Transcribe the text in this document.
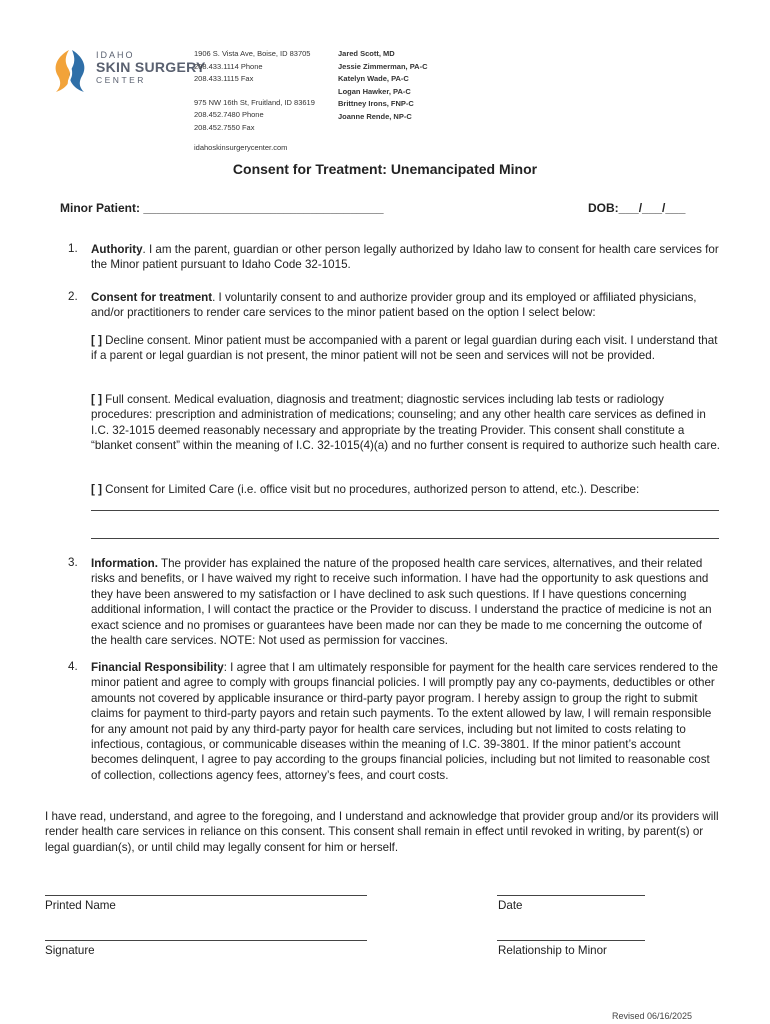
IDAHO
SKIN SURGERY
CENTER
1906 S. Vista Ave, Boise, ID 83705
208.433.1114 Phone
208.433.1115 Fax
975 NW 16th St, Fruitland, ID 83619
208.452.7480 Phone
208.452.7550 Fax
idahoskinsurgerycenter.com
Jared Scott, MD
Jessie Zimmerman, PA-C
Katelyn Wade, PA-C
Logan Hawker, PA-C
Brittney Irons, FNP-C
Joanne Rende, NP-C
Consent for Treatment: Unemancipated Minor
Minor Patient: ____________________________________	DOB:___/___/___
1. Authority. I am the parent, guardian or other person legally authorized by Idaho law to consent for health care services for the Minor patient pursuant to Idaho Code 32-1015.
2. Consent for treatment. I voluntarily consent to and authorize provider group and its employed or affiliated physicians, and/or practitioners to render care services to the minor patient based on the option I select below:
[ ] Decline consent. Minor patient must be accompanied with a parent or legal guardian during each visit. I understand that if a parent or legal guardian is not present, the minor patient will not be seen and services will not be provided.
[ ] Full consent. Medical evaluation, diagnosis and treatment; diagnostic services including lab tests or radiology procedures: prescription and administration of medications; counseling; and any other health care services as defined in I.C. 32-1015 deemed reasonably necessary and appropriate by the treating Provider. This consent shall constitute a “blanket consent” within the meaning of I.C. 32-1015(4)(a) and no further consent is required to authorize such health care.
[ ] Consent for Limited Care (i.e. office visit but no procedures, authorized person to attend, etc.). Describe:
3. Information. The provider has explained the nature of the proposed health care services, alternatives, and their related risks and benefits, or I have waived my right to receive such information. I have had the opportunity to ask questions and they have been answered to my satisfaction or I have declined to ask such questions. If I have questions concerning additional information, I will contact the practice or the Provider to discuss. I understand the practice of medicine is not an exact science and no promises or guarantees have been made nor can they be made to me concerning the outcome of the health care services. NOTE: Not used as permission for vaccines.
4. Financial Responsibility: I agree that I am ultimately responsible for payment for the health care services rendered to the minor patient and agree to comply with groups financial policies. I will promptly pay any co-payments, deductibles or other amounts not covered by applicable insurance or third-party payor program. I hereby assign to group the right to submit claims for payment to third-party payors and retain such payments. To the extent allowed by law, I will remain responsible for any amount not paid by any third-party payor for health care services, including but not limited to costs relating to infectious, contagious, or communicable diseases within the meaning of I.C. 39-3801. If the minor patient’s account becomes delinquent, I agree to pay according to the groups financial policies, including but not limited to reasonable cost of collection, collections agency fees, attorney’s fees, and court costs.
I have read, understand, and agree to the foregoing, and I understand and acknowledge that provider group and/or its providers will render health care services in reliance on this consent. This consent shall remain in effect until revoked in writing, by parent(s) or legal guardian(s), or until child may legally consent for him or herself.
Printed Name	Date
Signature	Relationship to Minor
Revised 06/16/2025
